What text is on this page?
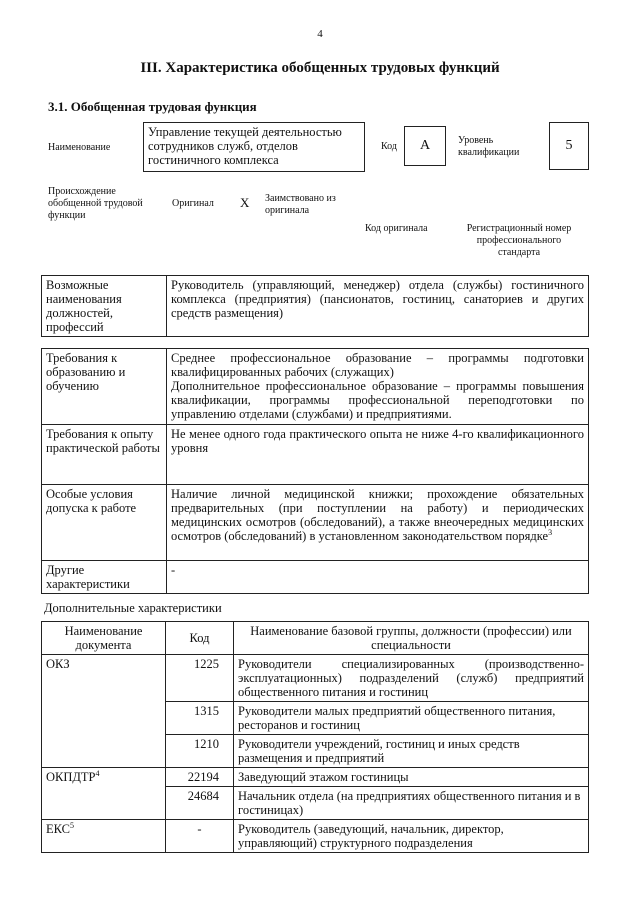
4
III. Характеристика обобщенных трудовых функций
3.1. Обобщенная трудовая функция
Наименование
Управление текущей деятельностью сотрудников служб, отделов гостиничного комплекса
Код A	Уровень квалификации	5
Происхождение обобщенной трудовой функции
Оригинал X Заимствовано из оригинала
Код оригинала	Регистрационный номер профессионального стандарта
Возможные наименования должностей, профессий	Руководитель (управляющий, менеджер) отдела (службы) гостиничного комплекса (предприятия) (пансионатов, гостиниц, санаториев и других средств размещения)
Требования к образованию и обучению	Среднее профессиональное образование – программы подготовки квалифицированных рабочих (служащих)
Дополнительное профессиональное образование – программы повышения квалификации, программы профессиональной переподготовки по управлению отделами (службами) и предприятиями.

Требования к опыту практической работы	Не менее одного года практического опыта не ниже 4-го квалификационного уровня
Особые условия допуска к работе	Наличие личной медицинской книжки; прохождение обязательных предварительных (при поступлении на работу) и периодических медицинских осмотров (обследований), а также внеочередных медицинских осмотров (обследований) в установленном законодательством порядке$^3$
Другие характеристики	-
Дополнительные характеристики
Наименование документа	Код	Наименование базовой группы, должности (профессии) или специальности
ОКЗ	1225	Руководители специализированных (производственно-эксплуатационных) подразделений (служб) предприятий общественного питания и гостиниц
	1315	Руководители малых предприятий общественного питания, ресторанов и гостиниц
	1210	Руководители учреждений, гостиниц и иных средств размещения и предприятий
ОКПДТР$^4$	22194	Заведующий этажом гостиницы
	24684	Начальник отдела (на предприятиях общественного питания и в гостиницах)
ЕКС$^5$	-	Руководитель (заведующий, начальник, директор, управляющий) структурного подразделения
